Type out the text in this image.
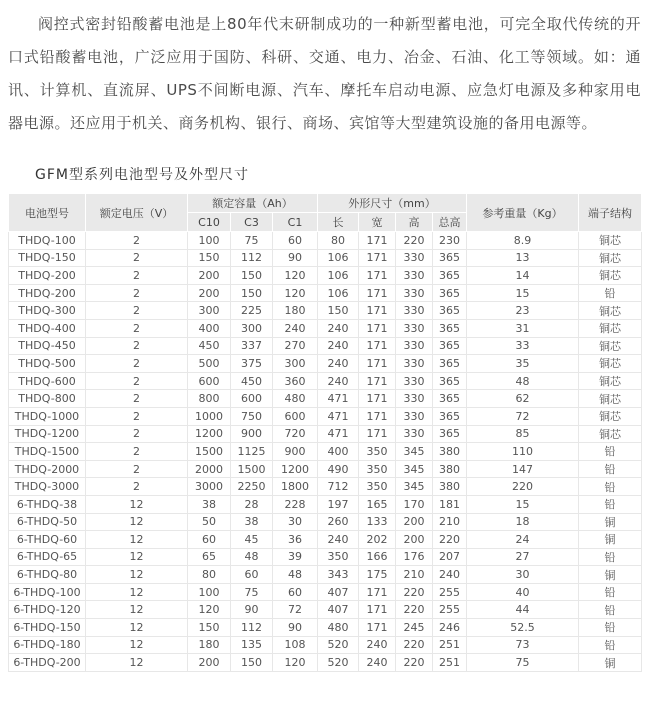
阀控式密封铅酸蓄电池是上80年代末研制成功的一种新型蓄电池，可完全取代传统的开口式铅酸蓄电池，广泛应用于国防、科研、交通、电力、冶金、石油、化工等领域。如：通讯、计算机、直流屏、UPS不间断电源、汽车、摩托车启动电源、应急灯电源及多种家用电器电源。还应用于机关、商务机构、银行、商场、宾馆等大型建筑设施的备用电源等。

GFM型系列电池型号及外型尺寸
电池型号	额定电压（V）	额定容量（Ah）			外形尺寸（mm）				参考重量（Kg）	端子结构
		C10	C3	C1	长	宽	高	总高		
THDQ-100	2	100	75	60	80	171	220	230	8.9	铜芯
THDQ-150	2	150	112	90	106	171	330	365	13	铜芯
THDQ-200	2	200	150	120	106	171	330	365	14	铜芯
THDQ-200	2	200	150	120	106	171	330	365	15	铅
THDQ-300	2	300	225	180	150	171	330	365	23	铜芯
THDQ-400	2	400	300	240	240	171	330	365	31	铜芯
THDQ-450	2	450	337	270	240	171	330	365	33	铜芯
THDQ-500	2	500	375	300	240	171	330	365	35	铜芯
THDQ-600	2	600	450	360	240	171	330	365	48	铜芯
THDQ-800	2	800	600	480	471	171	330	365	62	铜芯
THDQ-1000	2	1000	750	600	471	171	330	365	72	铜芯
THDQ-1200	2	1200	900	720	471	171	330	365	85	铜芯
THDQ-1500	2	1500	1125	900	400	350	345	380	110	铅
THDQ-2000	2	2000	1500	1200	490	350	345	380	147	铅
THDQ-3000	2	3000	2250	1800	712	350	345	380	220	铅
6-THDQ-38	12	38	28	228	197	165	170	181	15	铅
6-THDQ-50	12	50	38	30	260	133	200	210	18	铜
6-THDQ-60	12	60	45	36	240	202	200	220	24	铜
6-THDQ-65	12	65	48	39	350	166	176	207	27	铅
6-THDQ-80	12	80	60	48	343	175	210	240	30	铜
6-THDQ-100	12	100	75	60	407	171	220	255	40	铅
6-THDQ-120	12	120	90	72	407	171	220	255	44	铅
6-THDQ-150	12	150	112	90	480	171	245	246	52.5	铅
6-THDQ-180	12	180	135	108	520	240	220	251	73	铅
6-THDQ-200	12	200	150	120	520	240	220	251	75	铜
